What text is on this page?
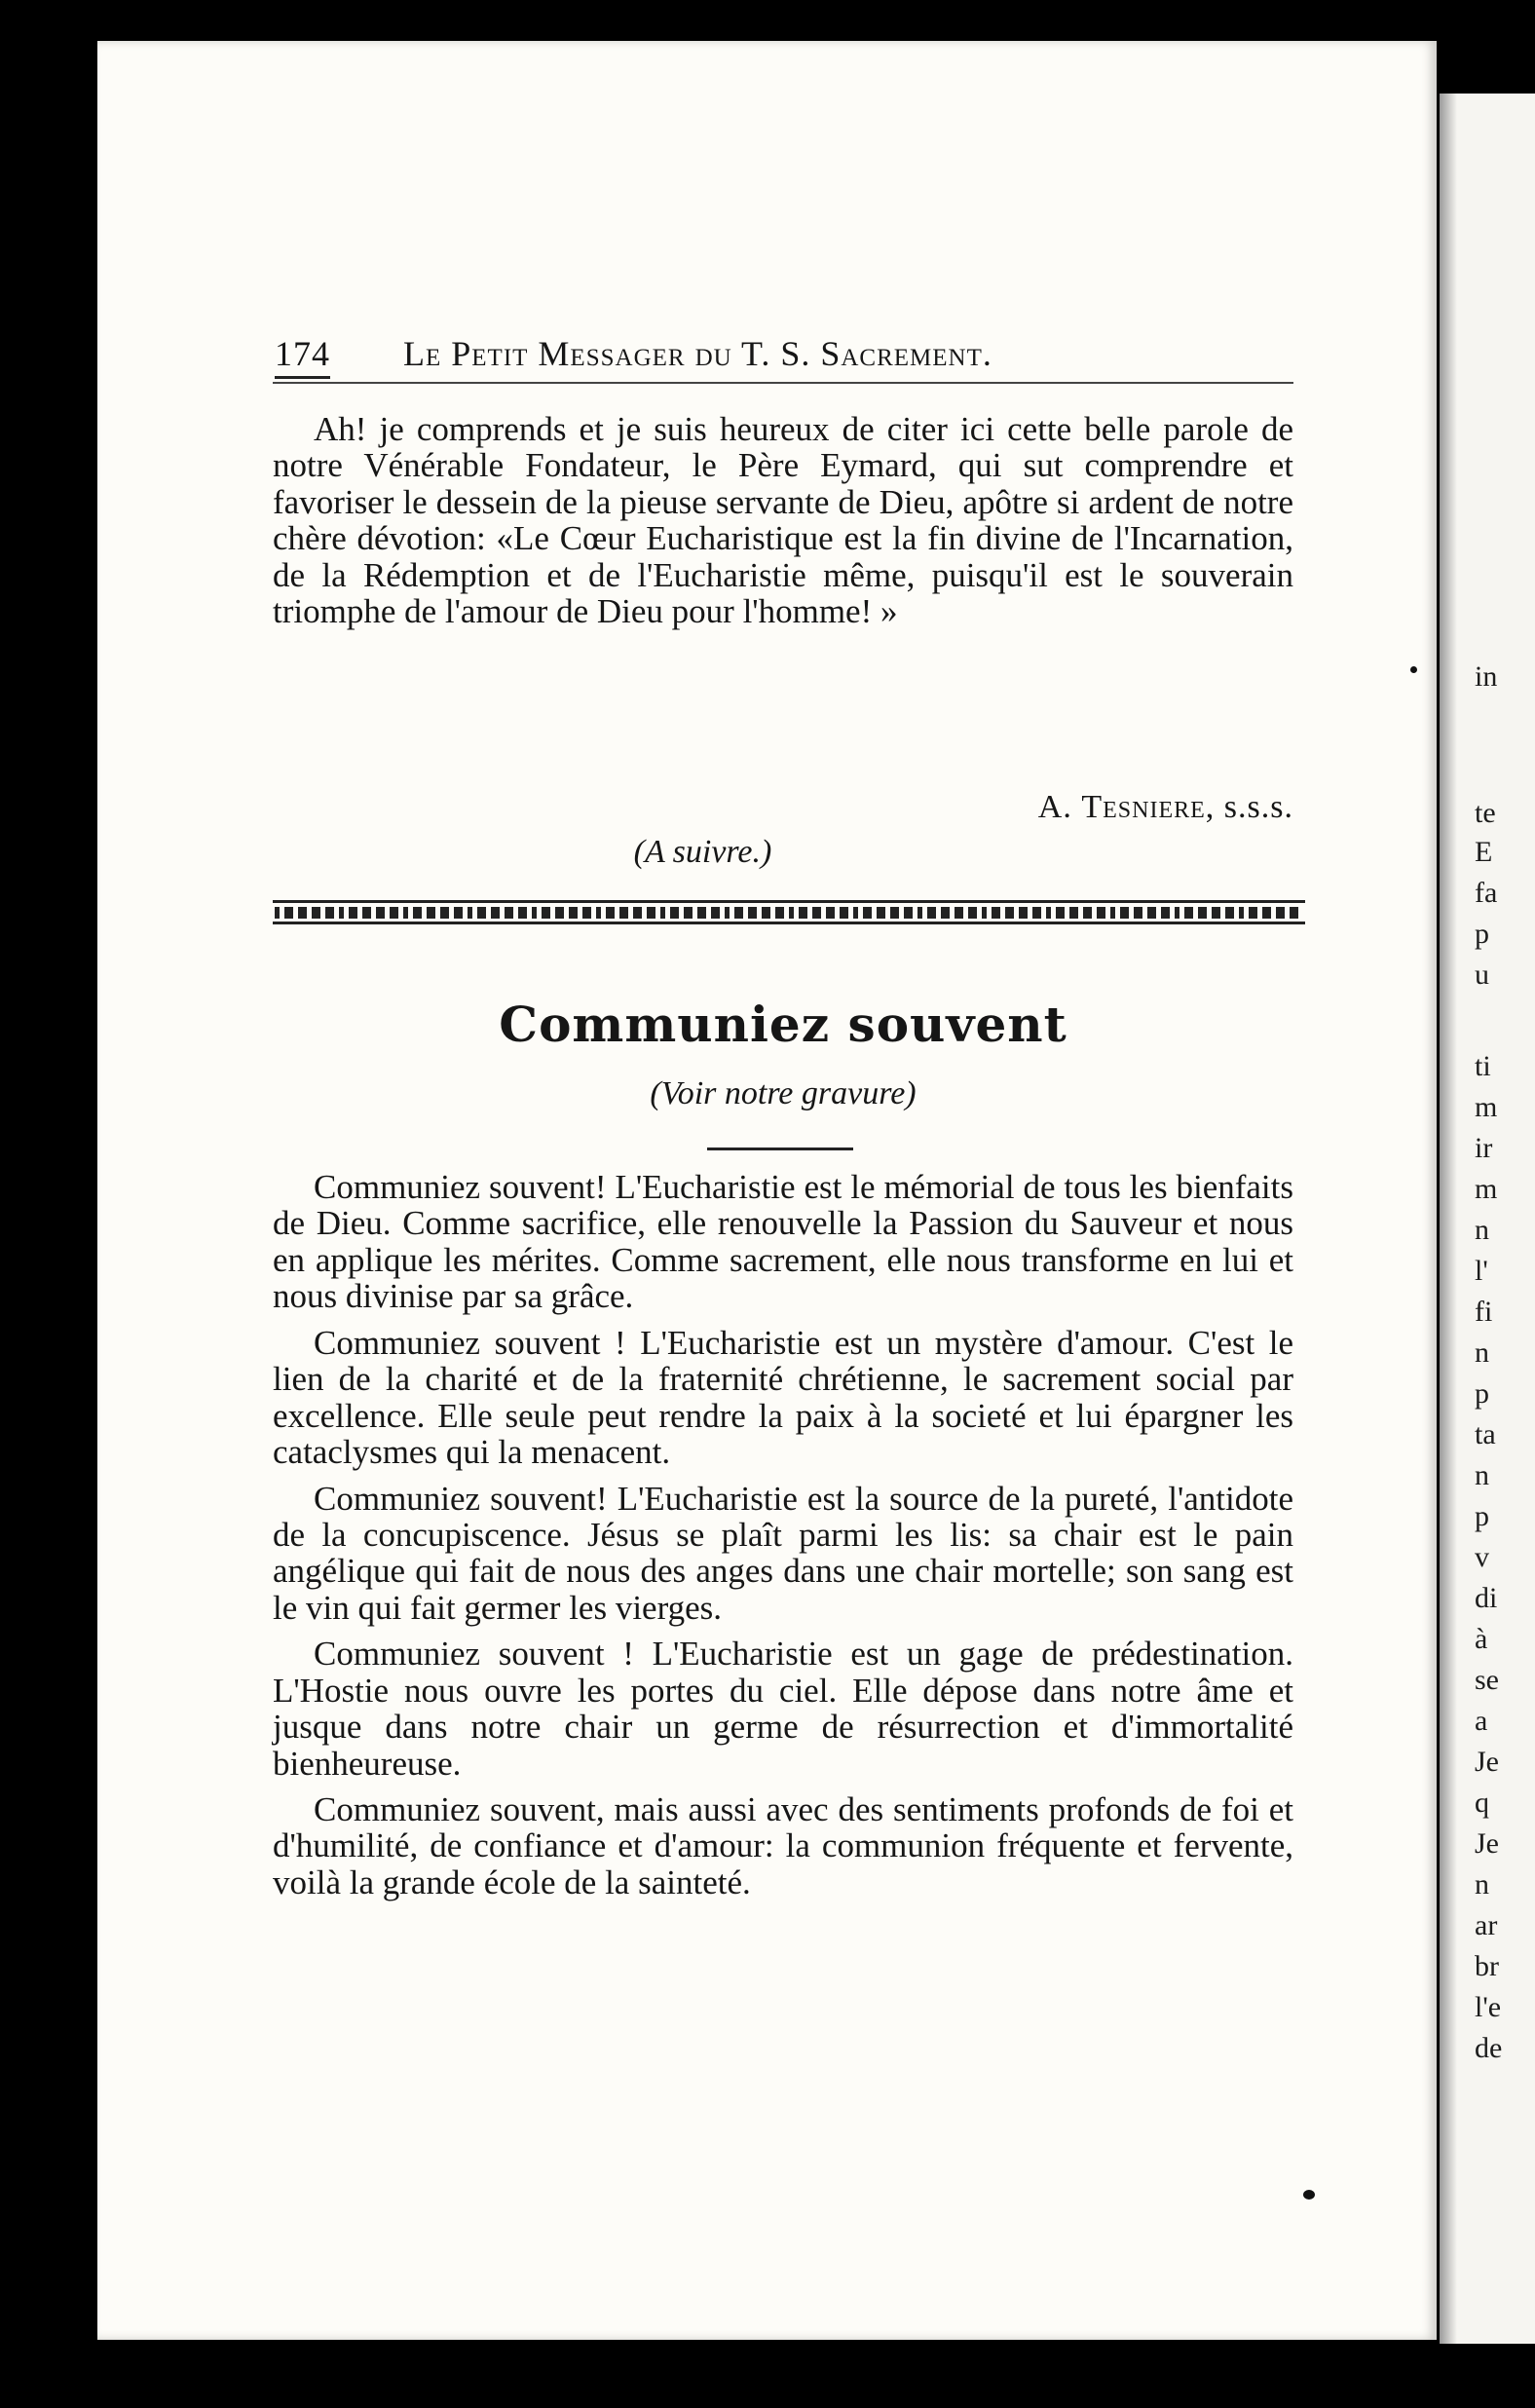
174 Le Petit Messager du T. S. Sacrement.

Ah! je comprends et je suis heureux de citer ici cette belle parole de notre Vénérable Fondateur, le Père Eymard, qui sut comprendre et favoriser le dessein de la pieuse servante de Dieu, apôtre si ardent de notre chère dévotion: «Le Cœur Eucharistique est la fin divine de l'Incarnation, de la Rédemption et de l'Eucharistie même, puisqu'il est le souverain triomphe de l'amour de Dieu pour l'homme! »

A. Tesniere, s.s.s.
(A suivre.)
Communiez souvent
(Voir notre gravure)

Communiez souvent! L'Eucharistie est le mémorial de tous les bienfaits de Dieu. Comme sacrifice, elle renouvelle la Passion du Sauveur et nous en applique les mérites. Comme sacrement, elle nous transforme en lui et nous divinise par sa grâce.

Communiez souvent ! L'Eucharistie est un mystère d'amour. C'est le lien de la charité et de la fraternité chrétienne, le sacrement social par excellence. Elle seule peut rendre la paix à la societé et lui épargner les cataclysmes qui la menacent.

Communiez souvent! L'Eucharistie est la source de la pureté, l'antidote de la concupiscence. Jésus se plaît parmi les lis: sa chair est le pain angélique qui fait de nous des anges dans une chair mortelle; son sang est le vin qui fait germer les vierges.

Communiez souvent ! L'Eucharistie est un gage de prédestination. L'Hostie nous ouvre les portes du ciel. Elle dépose dans notre âme et jusque dans notre chair un germe de résurrection et d'immortalité bienheureuse.

Communiez souvent, mais aussi avec des sentiments profonds de foi et d'humilité, de confiance et d'amour: la communion fréquente et fervente, voilà la grande école de la sainteté.

in
te
E
fa
p
u
ti
m
ir
m
n
l'
fi
n
p
ta
n
p
v
di
à
se
a
Je
q
Je
n
ar
br
l'e
de
